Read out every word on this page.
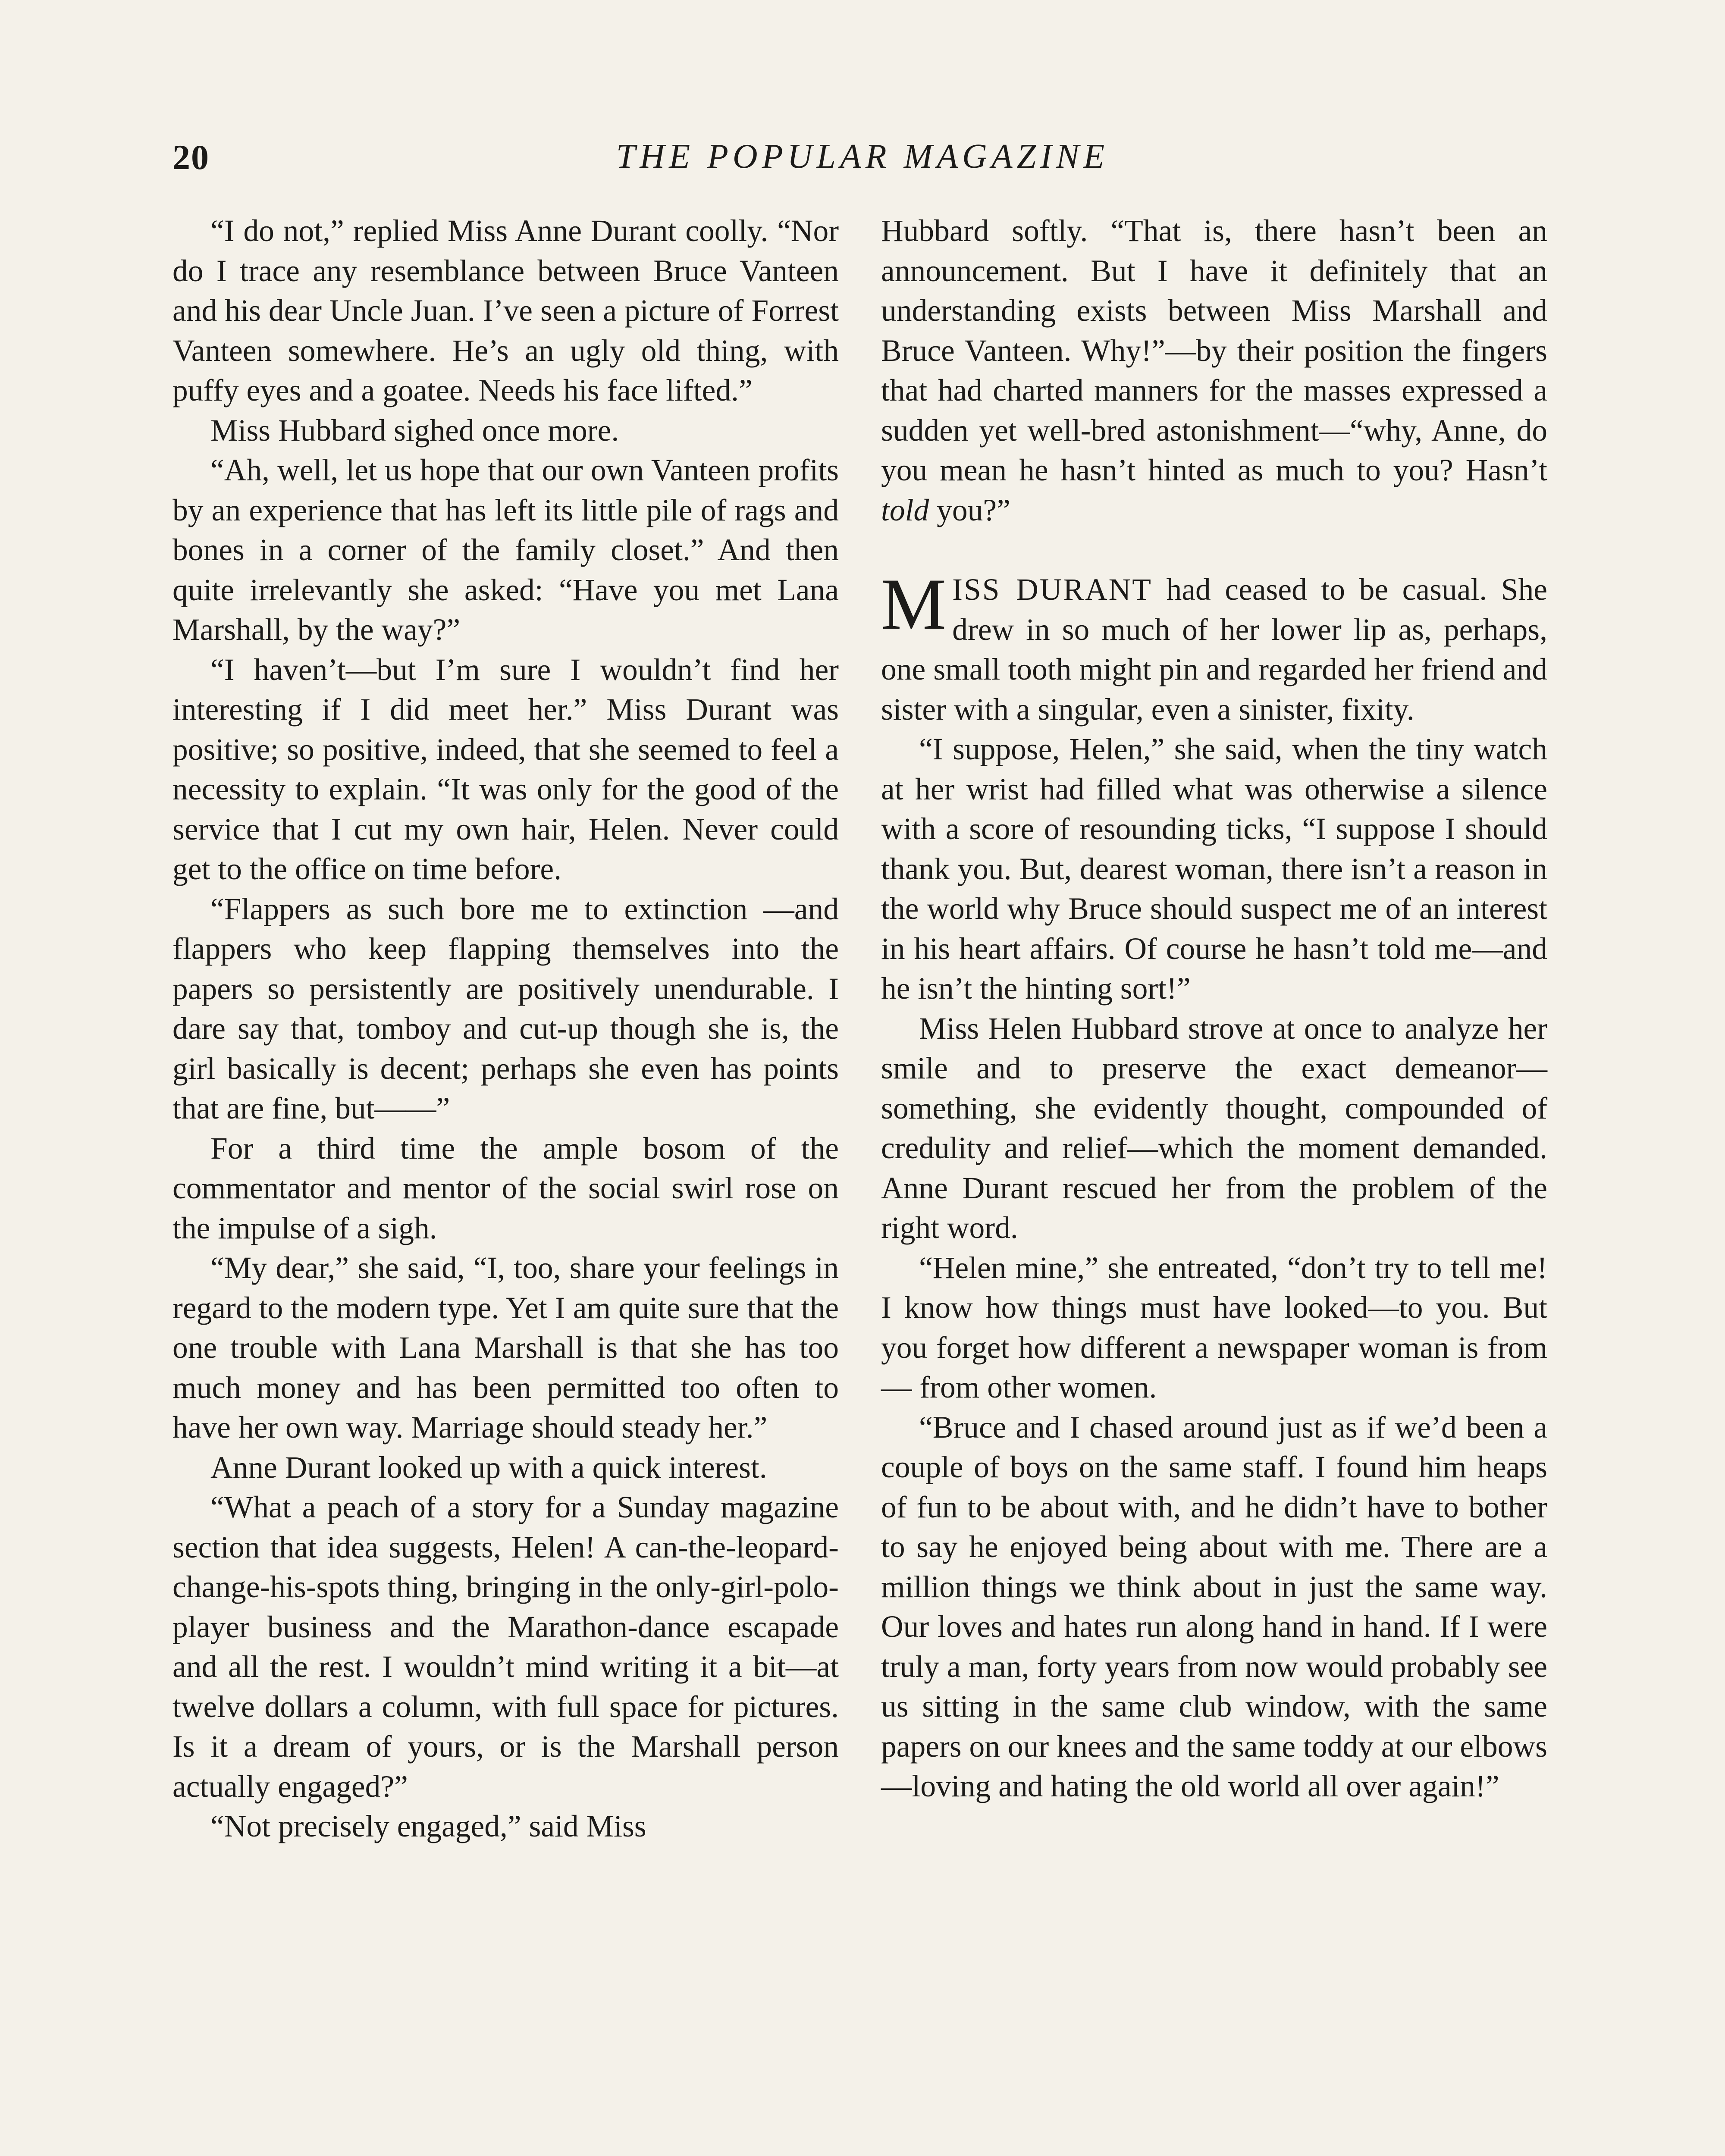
20	THE POPULAR MAGAZINE

“I do not,” replied Miss Anne Durant coolly. “Nor do I trace any resemblance between Bruce Vanteen and his dear Uncle Juan. I’ve seen a picture of Forrest Vanteen somewhere. He’s an ugly old thing, with puffy eyes and a goatee. Needs his face lifted.”

Miss Hubbard sighed once more.

“Ah, well, let us hope that our own Vanteen profits by an experience that has left its little pile of rags and bones in a corner of the family closet.” And then quite irrelevantly she asked: “Have you met Lana Marshall, by the way?”

“I haven’t—but I’m sure I wouldn’t find her interesting if I did meet her.” Miss Durant was positive; so positive, indeed, that she seemed to feel a necessity to explain. “It was only for the good of the service that I cut my own hair, Helen. Never could get to the office on time before.

“Flappers as such bore me to extinction —and flappers who keep flapping themselves into the papers so persistently are positively unendurable. I dare say that, tomboy and cut-up though she is, the girl basically is decent; perhaps she even has points that are fine, but——”

For a third time the ample bosom of the commentator and mentor of the social swirl rose on the impulse of a sigh.

“My dear,” she said, “I, too, share your feelings in regard to the modern type. Yet I am quite sure that the one trouble with Lana Marshall is that she has too much money and has been permitted too often to have her own way. Marriage should steady her.”

Anne Durant looked up with a quick interest.

“What a peach of a story for a Sunday magazine section that idea suggests, Helen! A can-the-leopard-change-his-spots thing, bringing in the only-girl-polo-player business and the Marathon-dance escapade and all the rest. I wouldn’t mind writing it a bit—at twelve dollars a column, with full space for pictures. Is it a dream of yours, or is the Marshall person actually engaged?”

“Not precisely engaged,” said Miss

Hubbard softly. “That is, there hasn’t been an announcement. But I have it definitely that an understanding exists between Miss Marshall and Bruce Vanteen. Why!”—by their position the fingers that had charted manners for the masses expressed a sudden yet well-bred astonishment—“why, Anne, do you mean he hasn’t hinted as much to you? Hasn’t told you?”

MISS DURANT had ceased to be casual. She drew in so much of her lower lip as, perhaps, one small tooth might pin and regarded her friend and sister with a singular, even a sinister, fixity.

“I suppose, Helen,” she said, when the tiny watch at her wrist had filled what was otherwise a silence with a score of resounding ticks, “I suppose I should thank you. But, dearest woman, there isn’t a reason in the world why Bruce should suspect me of an interest in his heart affairs. Of course he hasn’t told me—and he isn’t the hinting sort!”

Miss Helen Hubbard strove at once to analyze her smile and to preserve the exact demeanor—something, she evidently thought, compounded of credulity and relief—which the moment demanded. Anne Durant rescued her from the problem of the right word.

“Helen mine,” she entreated, “don’t try to tell me! I know how things must have looked—to you. But you forget how different a newspaper woman is from— from other women.

“Bruce and I chased around just as if we’d been a couple of boys on the same staff. I found him heaps of fun to be about with, and he didn’t have to bother to say he enjoyed being about with me. There are a million things we think about in just the same way. Our loves and hates run along hand in hand. If I were truly a man, forty years from now would probably see us sitting in the same club window, with the same papers on our knees and the same toddy at our elbows —loving and hating the old world all over again!”
